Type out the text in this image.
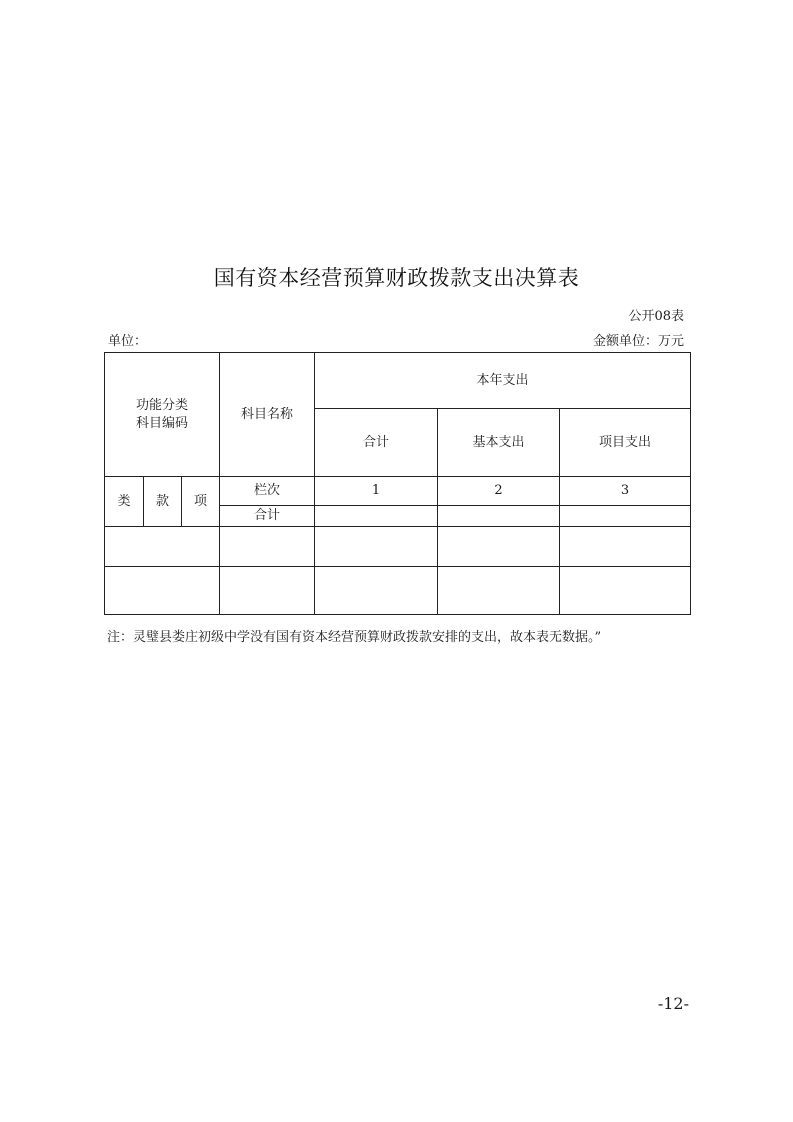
国有资本经营预算财政拨款支出决算表
公开08表
单位：	金额单位：万元
功能分类
科目编码			科目名称	本年支出		
				合计	基本支出	项目支出
类	款	项	栏次	1	2	3
			合计			

注：灵璧县娄庄初级中学没有国有资本经营预算财政拨款安排的支出，故本表无数据。”
-12-
